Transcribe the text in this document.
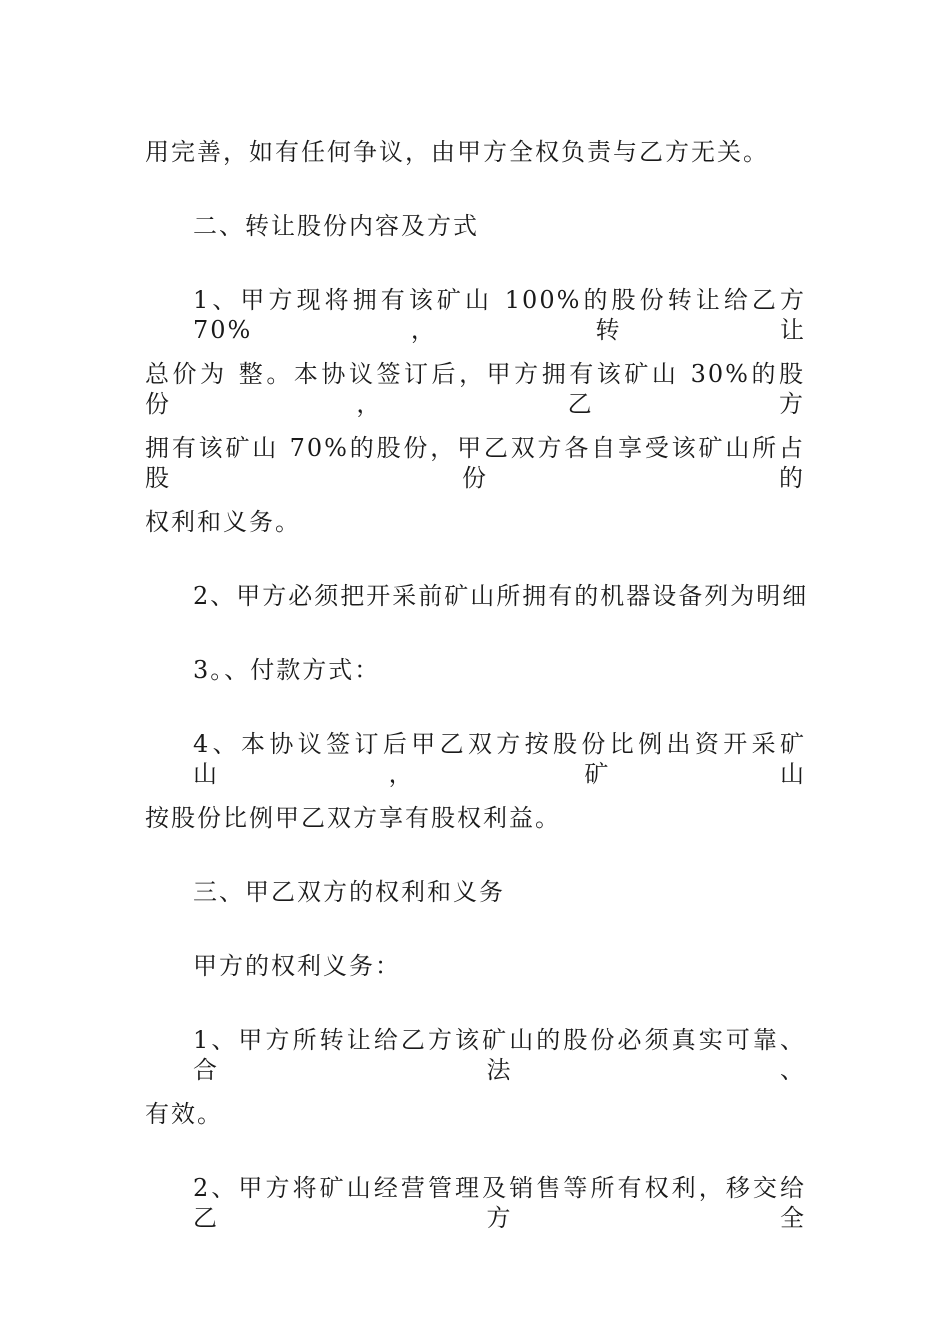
用完善，如有任何争议，由甲方全权负责与乙方无关。

二、转让股份内容及方式

1、甲方现将拥有该矿山 100%的股份转让给乙方 70%，转让

总价为 整。本协议签订后，甲方拥有该矿山 30%的股份，乙方

拥有该矿山 70%的股份，甲乙双方各自享受该矿山所占股份的

权利和义务。

2、甲方必须把开采前矿山所拥有的机器设备列为明细

3。、付款方式：

4、本协议签订后甲乙双方按股份比例出资开采矿山，矿山

按股份比例甲乙双方享有股权利益。

三、甲乙双方的权利和义务

甲方的权利义务：

1、甲方所转让给乙方该矿山的股份必须真实可靠、合法、

有效。

2、甲方将矿山经营管理及销售等所有权利，移交给乙方全
